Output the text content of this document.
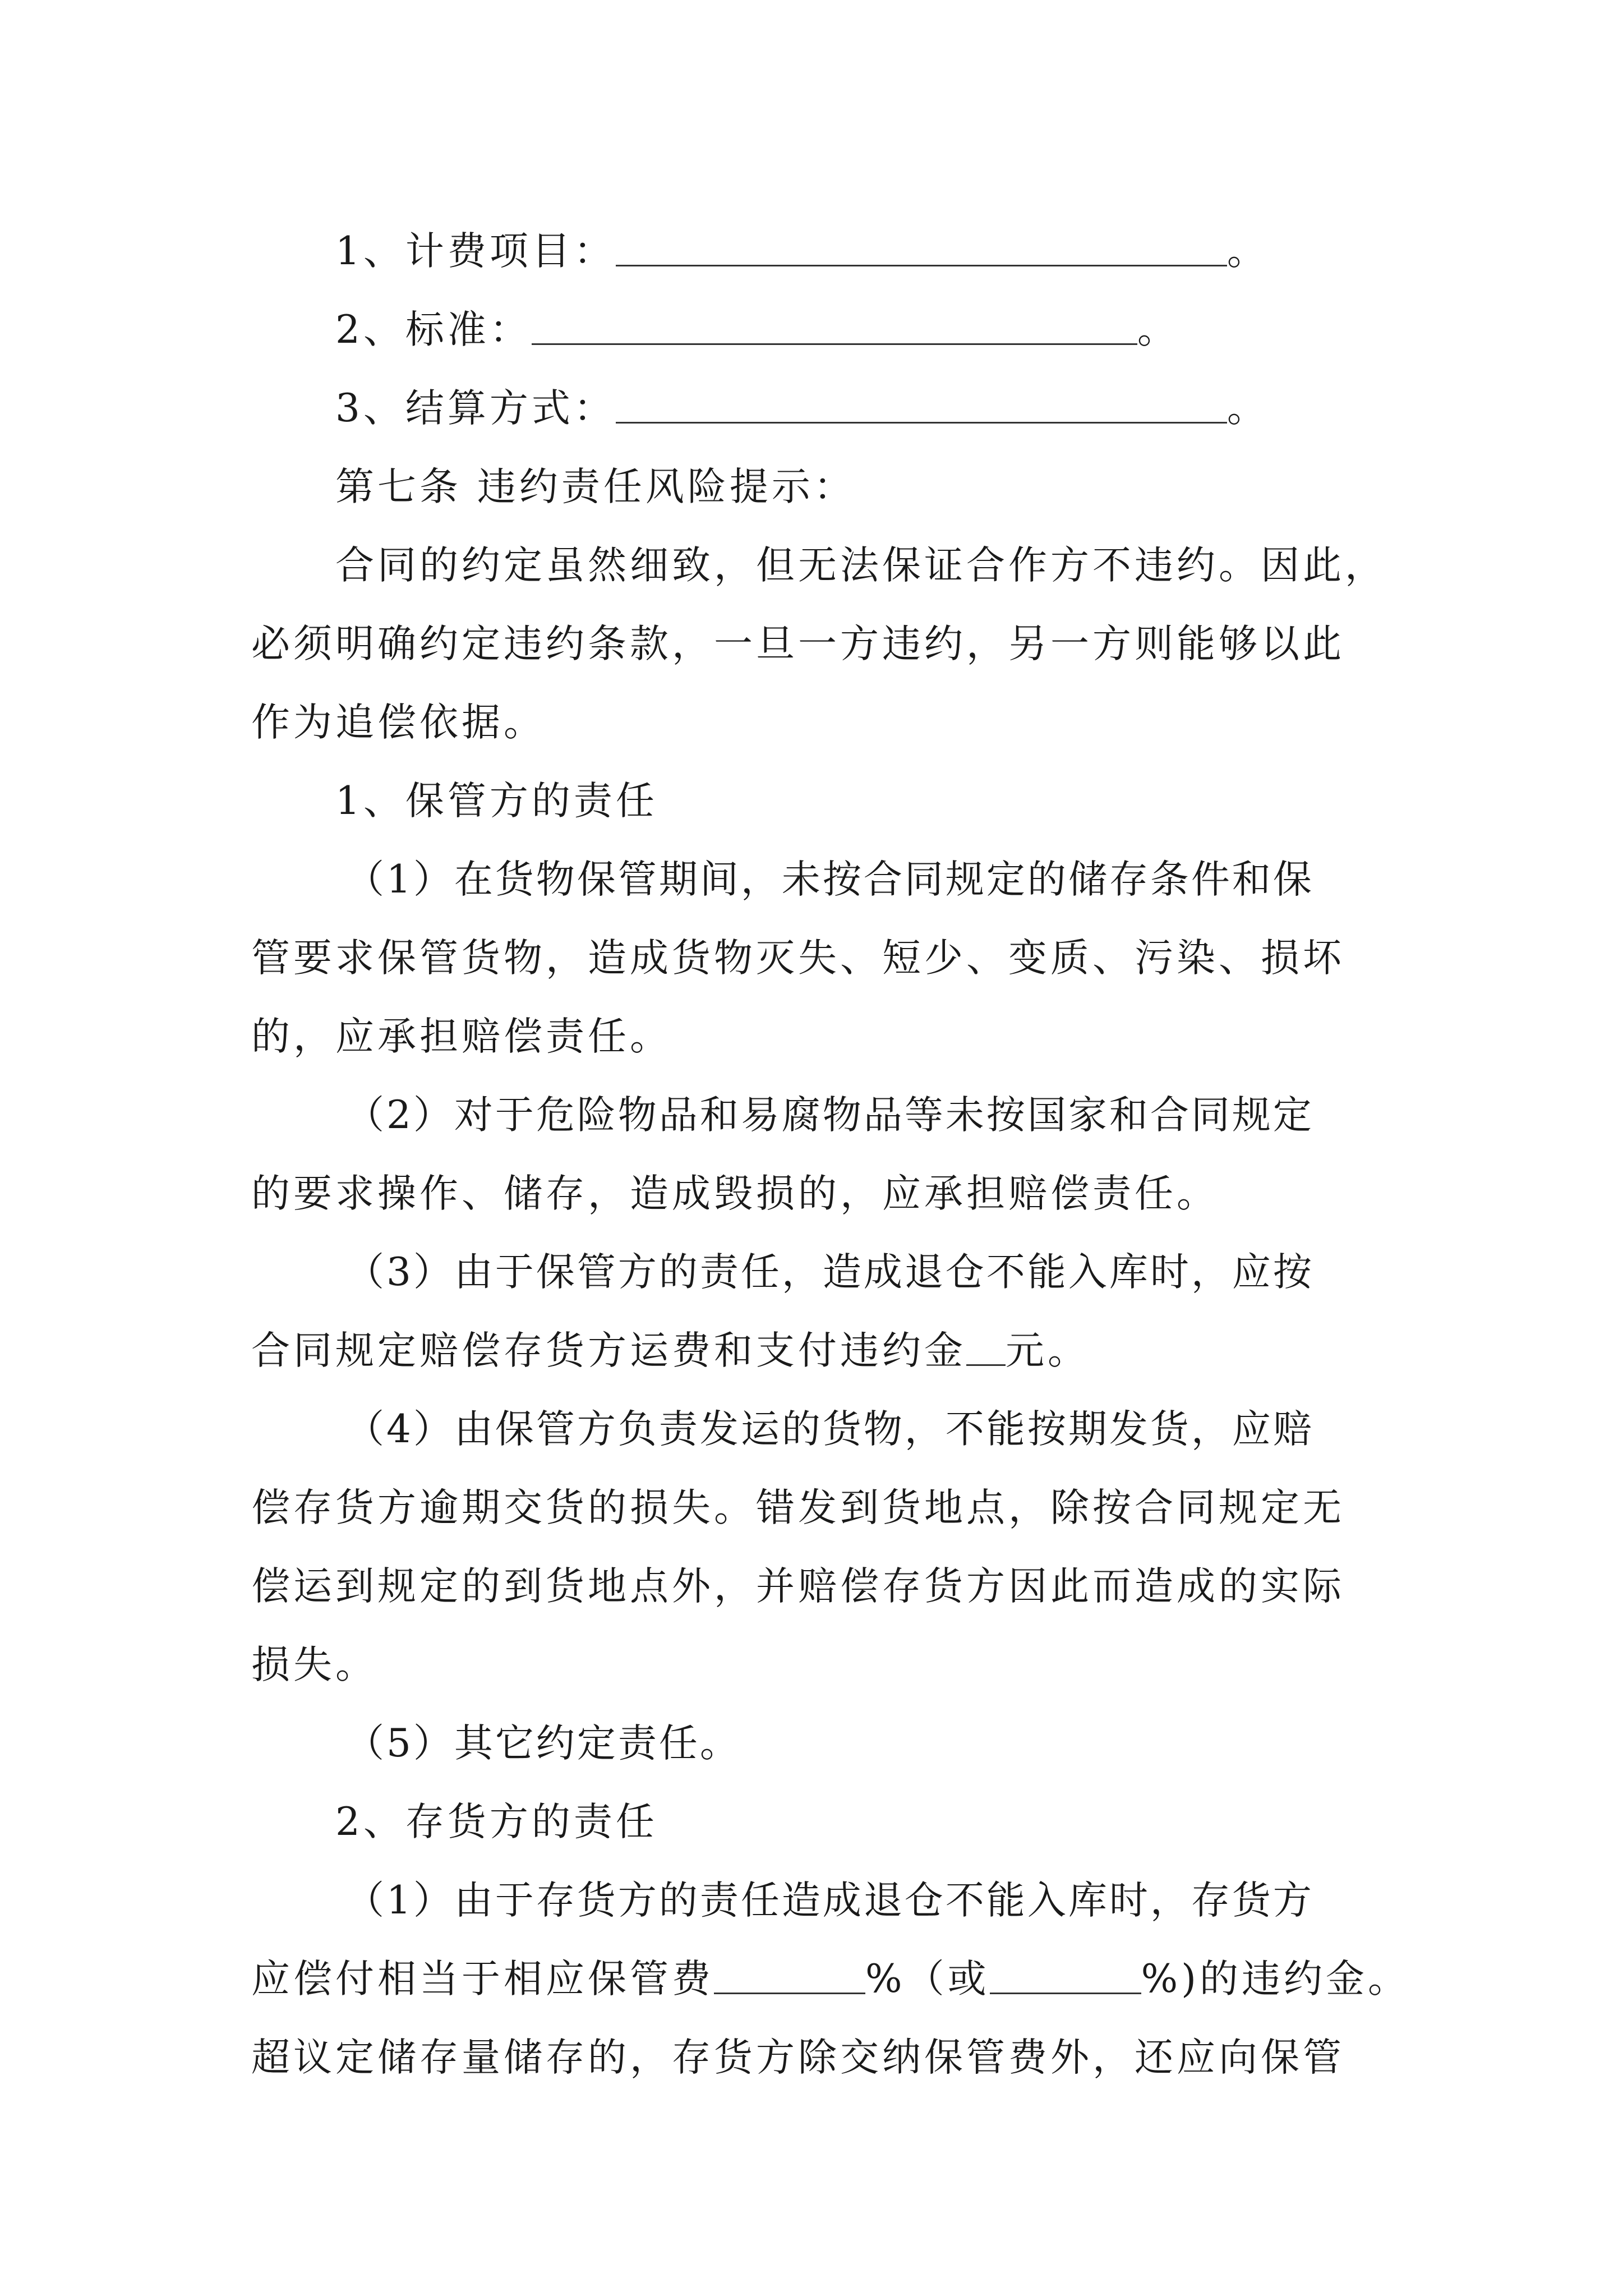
1、计费项目：	。
2、标准：	。
3、结算方式：	。
第七条 违约责任风险提示：
合同的约定虽然细致，但无法保证合作方不违约。因此，
必须明确约定违约条款，一旦一方违约，另一方则能够以此
作为追偿依据。
1、保管方的责任
（1）在货物保管期间，未按合同规定的储存条件和保
管要求保管货物，造成货物灭失、短少、变质、污染、损坏
的，应承担赔偿责任。
（2）对于危险物品和易腐物品等未按国家和合同规定
的要求操作、储存，造成毁损的，应承担赔偿责任。
（3）由于保管方的责任，造成退仓不能入库时，应按
合同规定赔偿存货方运费和支付违约金 元。
（4）由保管方负责发运的货物，不能按期发货，应赔
偿存货方逾期交货的损失。错发到货地点，除按合同规定无
偿运到规定的到货地点外，并赔偿存货方因此而造成的实际
损失。
（5）其它约定责任。
2、存货方的责任
（1）由于存货方的责任造成退仓不能入库时，存货方
应偿付相当于相应保管费	%（或	%)的违约金。
超议定储存量储存的，存货方除交纳保管费外，还应向保管
